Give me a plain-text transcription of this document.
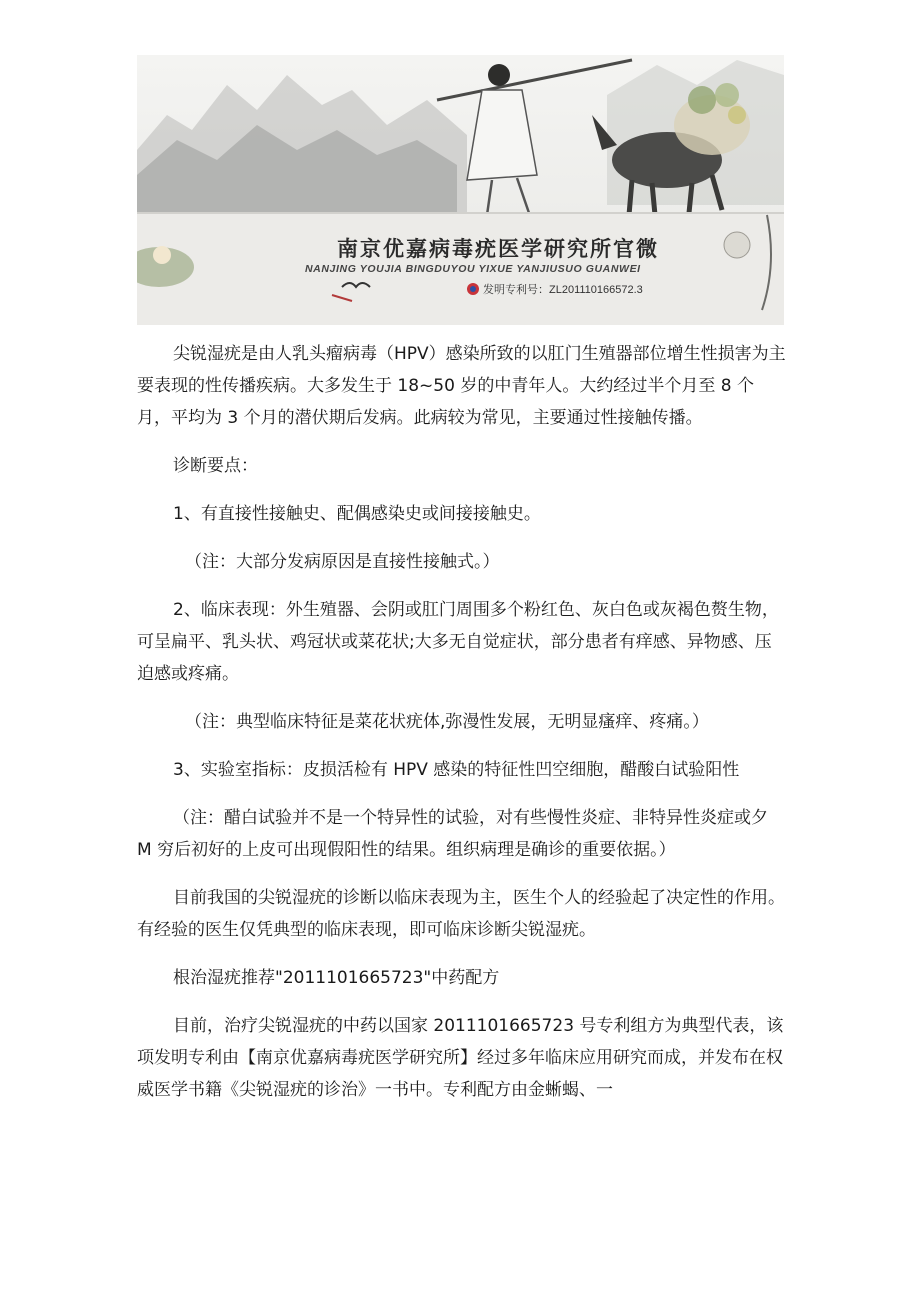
南京优嘉病毒疣医学研究所官微
NANJING YOUJIA BINGDUYOU YIXUE YANJIUSUO GUANWEI
发明专利号：ZL201110166572.3

尖锐湿疣是由人乳头瘤病毒（HPV）感染所致的以肛门生殖器部位增生性损害为主要表现的性传播疾病。大多发生于 18~50 岁的中青年人。大约经过半个月至 8 个月，平均为 3 个月的潜伏期后发病。此病较为常见，主要通过性接触传播。

诊断要点：

1、有直接性接触史、配偶感染史或间接接触史。

（注：大部分发病原因是直接性接触式。）

2、临床表现：外生殖器、会阴或肛门周围多个粉红色、灰白色或灰褐色赘生物，可呈扁平、乳头状、鸡冠状或菜花状;大多无自觉症状，部分患者有痒感、异物感、压迫感或疼痛。

（注：典型临床特征是菜花状疣体,弥漫性发展，无明显瘙痒、疼痛。）

3、实验室指标：皮损活检有 HPV 感染的特征性凹空细胞，醋酸白试验阳性

（注：醋白试验并不是一个特异性的试验，对有些慢性炎症、非特异性炎症或夕 M 穷后初好的上皮可出现假阳性的结果。组织病理是确诊的重要依据。）

目前我国的尖锐湿疣的诊断以临床表现为主，医生个人的经验起了决定性的作用。有经验的医生仅凭典型的临床表现，即可临床诊断尖锐湿疣。

根治湿疣推荐"2011101665723"中药配方

目前，治疗尖锐湿疣的中药以国家 2011101665723 号专利组方为典型代表，该项发明专利由【南京优嘉病毒疣医学研究所】经过多年临床应用研究而成，并发布在权威医学书籍《尖锐湿疣的诊治》一书中。专利配方由金蜥蝎、一
